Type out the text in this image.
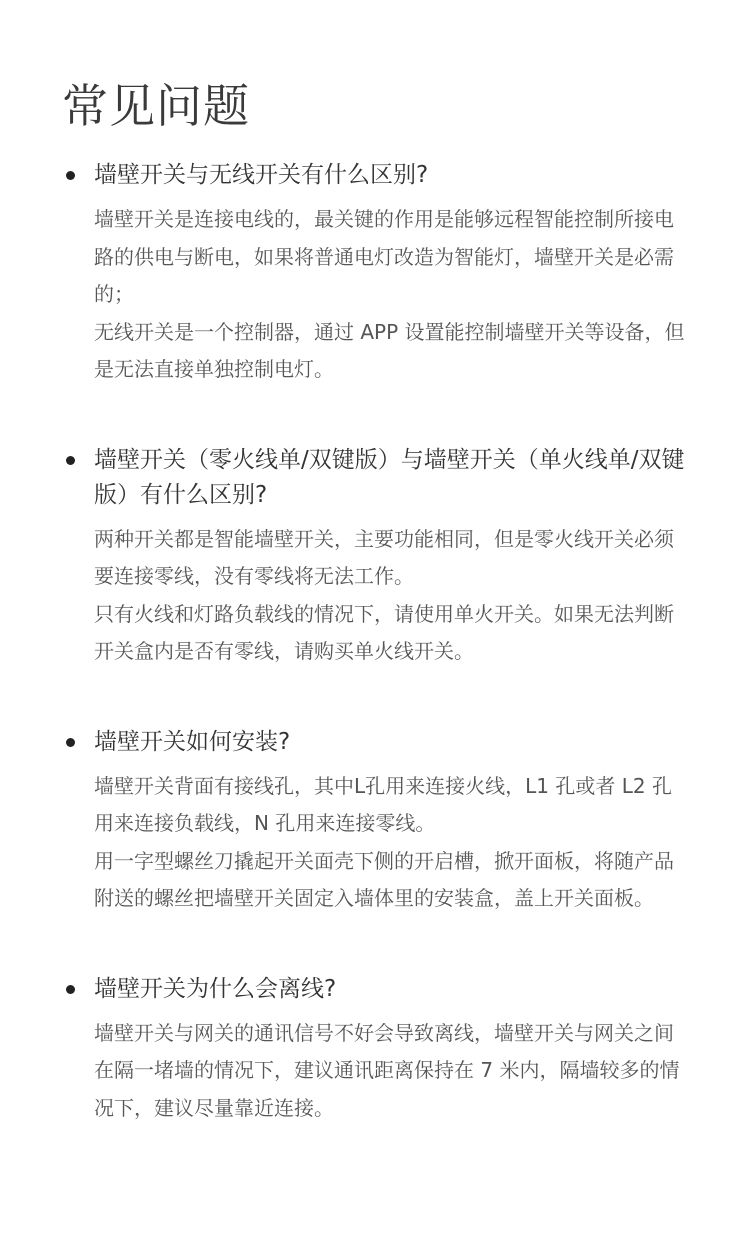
常见问题
墙壁开关与无线开关有什么区别?

墙壁开关是连接电线的，最关键的作用是能够远程智能控制所接电路的供电与断电，如果将普通电灯改造为智能灯，墙壁开关是必需的；

无线开关是一个控制器，通过 APP 设置能控制墙壁开关等设备，但是无法直接单独控制电灯。

墙壁开关（零火线单/双键版）与墙壁开关（单火线单/双键版）有什么区别?

两种开关都是智能墙壁开关，主要功能相同，但是零火线开关必须要连接零线，没有零线将无法工作。

只有火线和灯路负载线的情况下，请使用单火开关。如果无法判断开关盒内是否有零线，请购买单火线开关。

墙壁开关如何安装?

墙壁开关背面有接线孔，其中L孔用来连接火线，L1 孔或者 L2 孔用来连接负载线，N 孔用来连接零线。

用一字型螺丝刀撬起开关面壳下侧的开启槽，掀开面板，将随产品附送的螺丝把墙壁开关固定入墙体里的安装盒，盖上开关面板。

墙壁开关为什么会离线?

墙壁开关与网关的通讯信号不好会导致离线，墙壁开关与网关之间在隔一堵墙的情况下，建议通讯距离保持在 7 米内，隔墙较多的情况下，建议尽量靠近连接。
